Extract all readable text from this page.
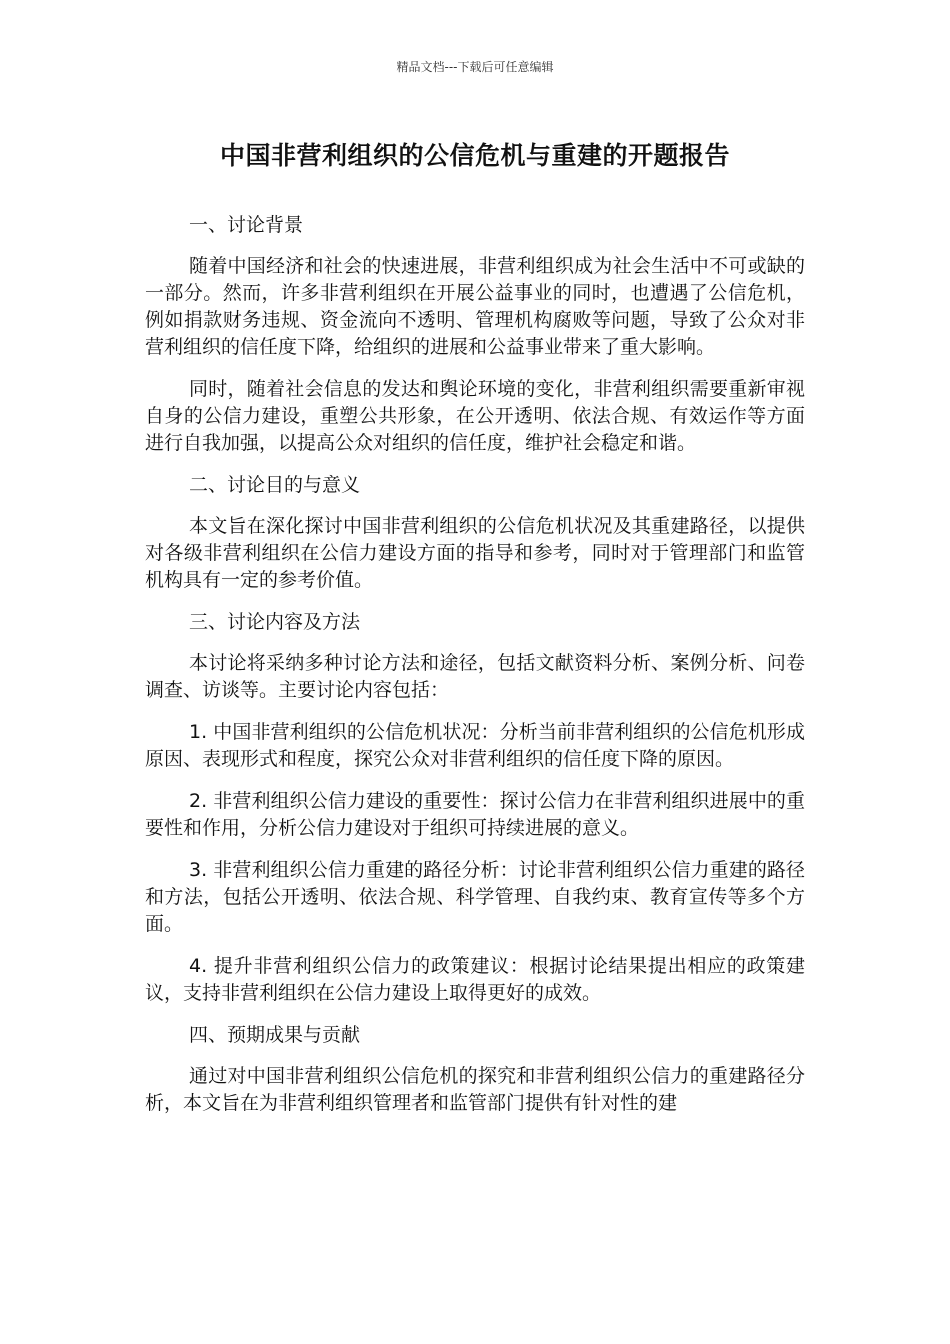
精品文档---下载后可任意编辑
中国非营利组织的公信危机与重建的开题报告

一、讨论背景

随着中国经济和社会的快速进展，非营利组织成为社会生活中不可或缺的一部分。然而，许多非营利组织在开展公益事业的同时，也遭遇了公信危机，例如捐款财务违规、资金流向不透明、管理机构腐败等问题，导致了公众对非营利组织的信任度下降，给组织的进展和公益事业带来了重大影响。

同时，随着社会信息的发达和舆论环境的变化，非营利组织需要重新审视自身的公信力建设，重塑公共形象，在公开透明、依法合规、有效运作等方面进行自我加强，以提高公众对组织的信任度，维护社会稳定和谐。

二、讨论目的与意义

本文旨在深化探讨中国非营利组织的公信危机状况及其重建路径，以提供对各级非营利组织在公信力建设方面的指导和参考，同时对于管理部门和监管机构具有一定的参考价值。

三、讨论内容及方法

本讨论将采纳多种讨论方法和途径，包括文献资料分析、案例分析、问卷调查、访谈等。主要讨论内容包括：

1. 中国非营利组织的公信危机状况：分析当前非营利组织的公信危机形成原因、表现形式和程度，探究公众对非营利组织的信任度下降的原因。

2. 非营利组织公信力建设的重要性：探讨公信力在非营利组织进展中的重要性和作用，分析公信力建设对于组织可持续进展的意义。

3. 非营利组织公信力重建的路径分析：讨论非营利组织公信力重建的路径和方法，包括公开透明、依法合规、科学管理、自我约束、教育宣传等多个方面。

4. 提升非营利组织公信力的政策建议：根据讨论结果提出相应的政策建议，支持非营利组织在公信力建设上取得更好的成效。

四、预期成果与贡献

通过对中国非营利组织公信危机的探究和非营利组织公信力的重建路径分析，本文旨在为非营利组织管理者和监管部门提供有针对性的建
